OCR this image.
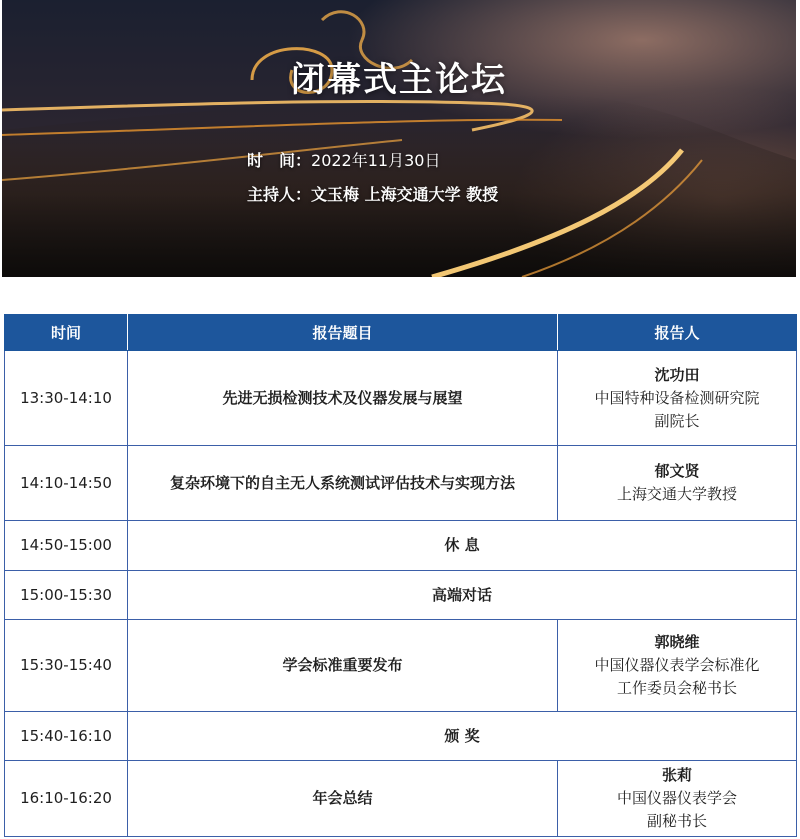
闭幕式主论坛
时　间：2022年11月30日
主持人：文玉梅 上海交通大学 教授
时间	报告题目	报告人
13:30-14:10	先进无损检测技术及仪器发展与展望	沈功田
中国特种设备检测研究院
副院长

14:10-14:50	复杂环境下的自主无人系统测试评估技术与实现方法	郁文贤
上海交通大学教授

14:50-15:00	休 息	
15:00-15:30	高端对话	
15:30-15:40	学会标准重要发布	郭晓维
中国仪器仪表学会标准化
工作委员会秘书长

15:40-16:10	颁 奖	
16:10-16:20	年会总结	张莉
中国仪器仪表学会
副秘书长
